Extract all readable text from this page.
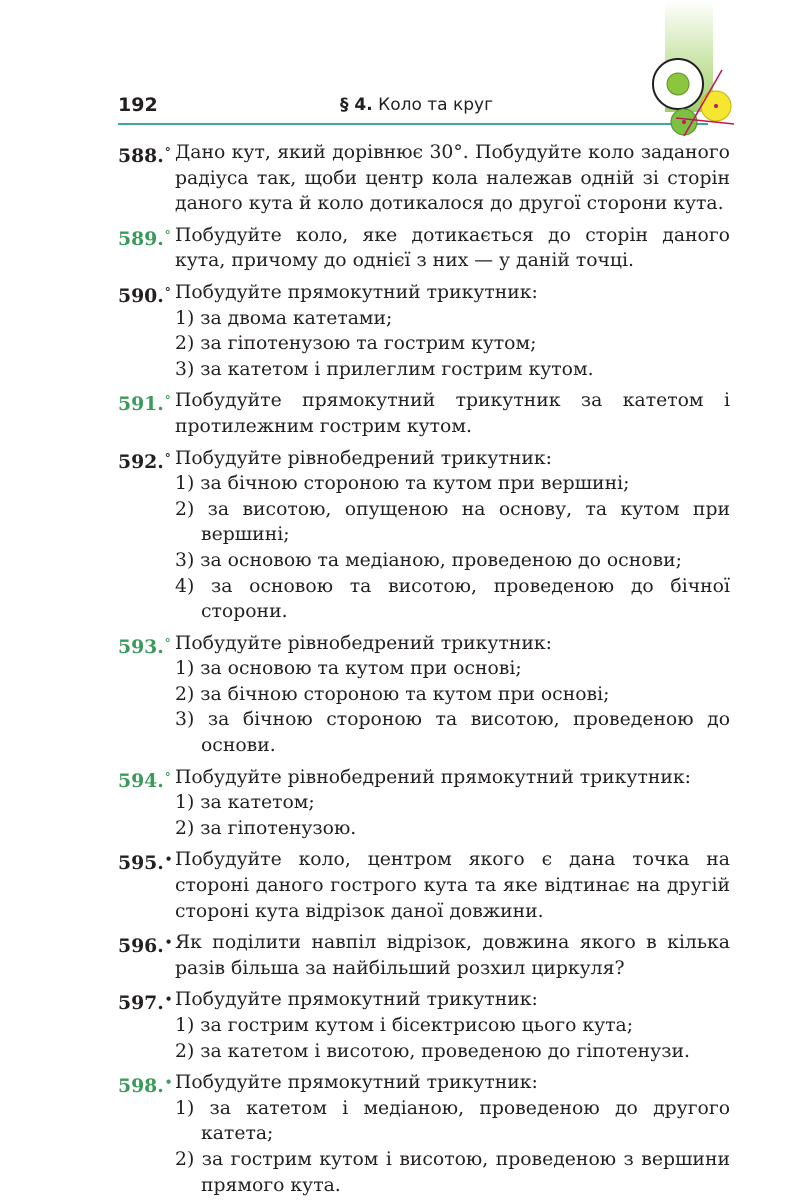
192	§ 4. Коло та круг
588.° Дано кут, який дорівнює 30°. Побудуйте коло заданого радіуса так, щоби центр кола належав одній зі сторін даного кута й коло дотикалося до другої сторони кута.
589.° Побудуйте коло, яке дотикається до сторін даного кута, причому до однієї з них — у даній точці.
590.° Побудуйте прямокутний трикутник:
1) за двома катетами;
2) за гіпотенузою та гострим кутом;
3) за катетом і прилеглим гострим кутом.
591.° Побудуйте прямокутний трикутник за катетом і протилежним гострим кутом.
592.° Побудуйте рівнобедрений трикутник:
1) за бічною стороною та кутом при вершині;
2) за висотою, опущеною на основу, та кутом при вершині;
3) за основою та медіаною, проведеною до основи;
4) за основою та висотою, проведеною до бічної сторони.
593.° Побудуйте рівнобедрений трикутник:
1) за основою та кутом при основі;
2) за бічною стороною та кутом при основі;
3) за бічною стороною та висотою, проведеною до основи.
594.° Побудуйте рівнобедрений прямокутний трикутник:
1) за катетом;
2) за гіпотенузою.
595.• Побудуйте коло, центром якого є дана точка на стороні даного гострого кута та яке відтинає на другій стороні кута відрізок даної довжини.
596.• Як поділити навпіл відрізок, довжина якого в кілька разів більша за найбільший розхил циркуля?
597.• Побудуйте прямокутний трикутник:
1) за гострим кутом і бісектрисою цього кута;
2) за катетом і висотою, проведеною до гіпотенузи.
598.• Побудуйте прямокутний трикутник:
1) за катетом і медіаною, проведеною до другого катета;
2) за гострим кутом і висотою, проведеною з вершини прямого кута.
